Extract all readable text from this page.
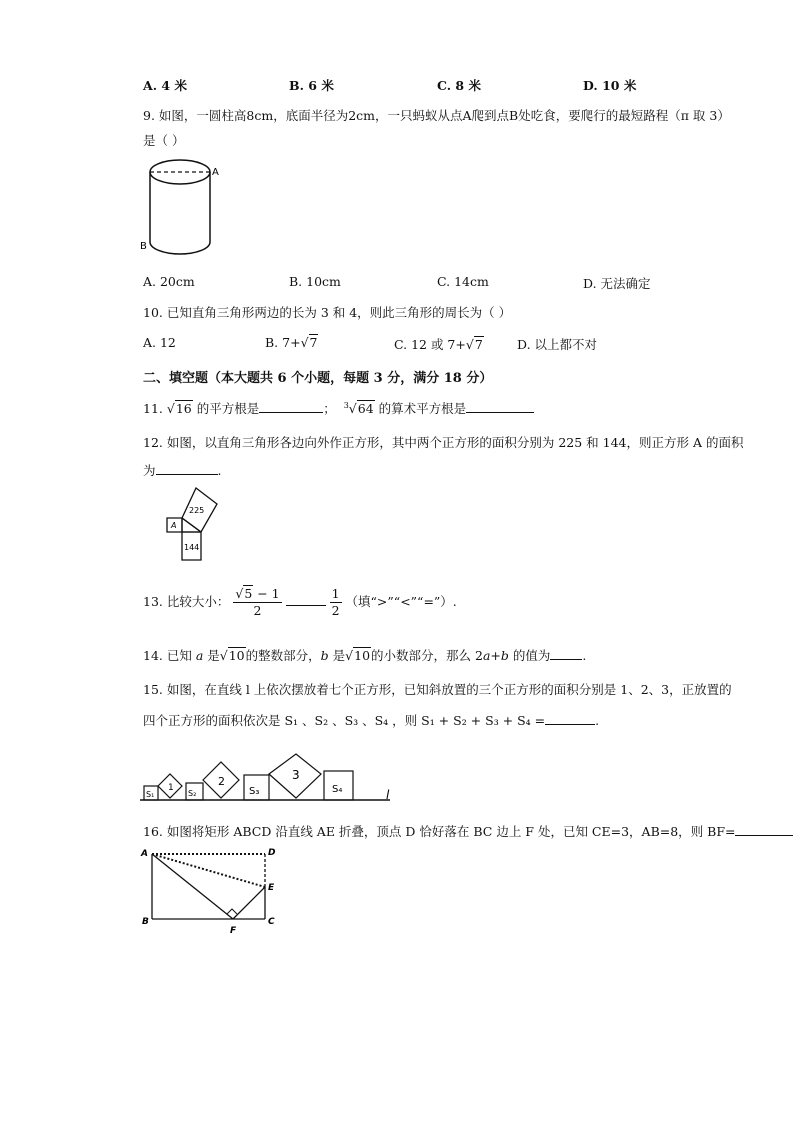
A. 4 米	B. 6 米	C. 8 米	D. 10 米
9. 如图，一圆柱高8cm，底面半径为2cm，一只蚂蚁从点A爬到点B处吃食，要爬行的最短路程（π 取 3）
是（ ）
A
B
A. 20cm	B. 10cm	C. 14cm	D. 无法确定
10. 已知直角三角形两边的长为 3 和 4，则此三角形的周长为（ ）
A. 12	B. 7+√7	C. 12 或 7+√7	D. 以上都不对
二、填空题（本大题共 6 个小题，每题 3 分，满分 18 分）
11. √16 的平方根是	； $^3$√64 的算术平方根是
12. 如图，以直角三角形各边向外作正方形，其中两个正方形的面积分别为 225 和 144，则正方形 A 的面积
为	.
A
225
144
13. 比较大小： $\frac{√5 - 1}{2}$
	$\frac{1}{2}$ （填“>”“<”“=”）.
14. 已知 a 是√10的整数部分，b 是√10的小数部分，那么 2a+b 的值为	.
15. 如图，在直线 l 上依次摆放着七个正方形，已知斜放置的三个正方形的面积分别是 1、2、3，正放置的
四个正方形的面积依次是 S₁ 、S₂ 、S₃ 、S₄ ，则 S₁ + S₂ + S₃ + S₄ =	.
S₁
1
S₂
2
S₃
3
S₄	l
16. 如图将矩形 ABCD 沿直线 AE 折叠，顶点 D 恰好落在 BC 边上 F 处，已知 CE=3，AB=8，则 BF=
A	D
E
B	C
F
